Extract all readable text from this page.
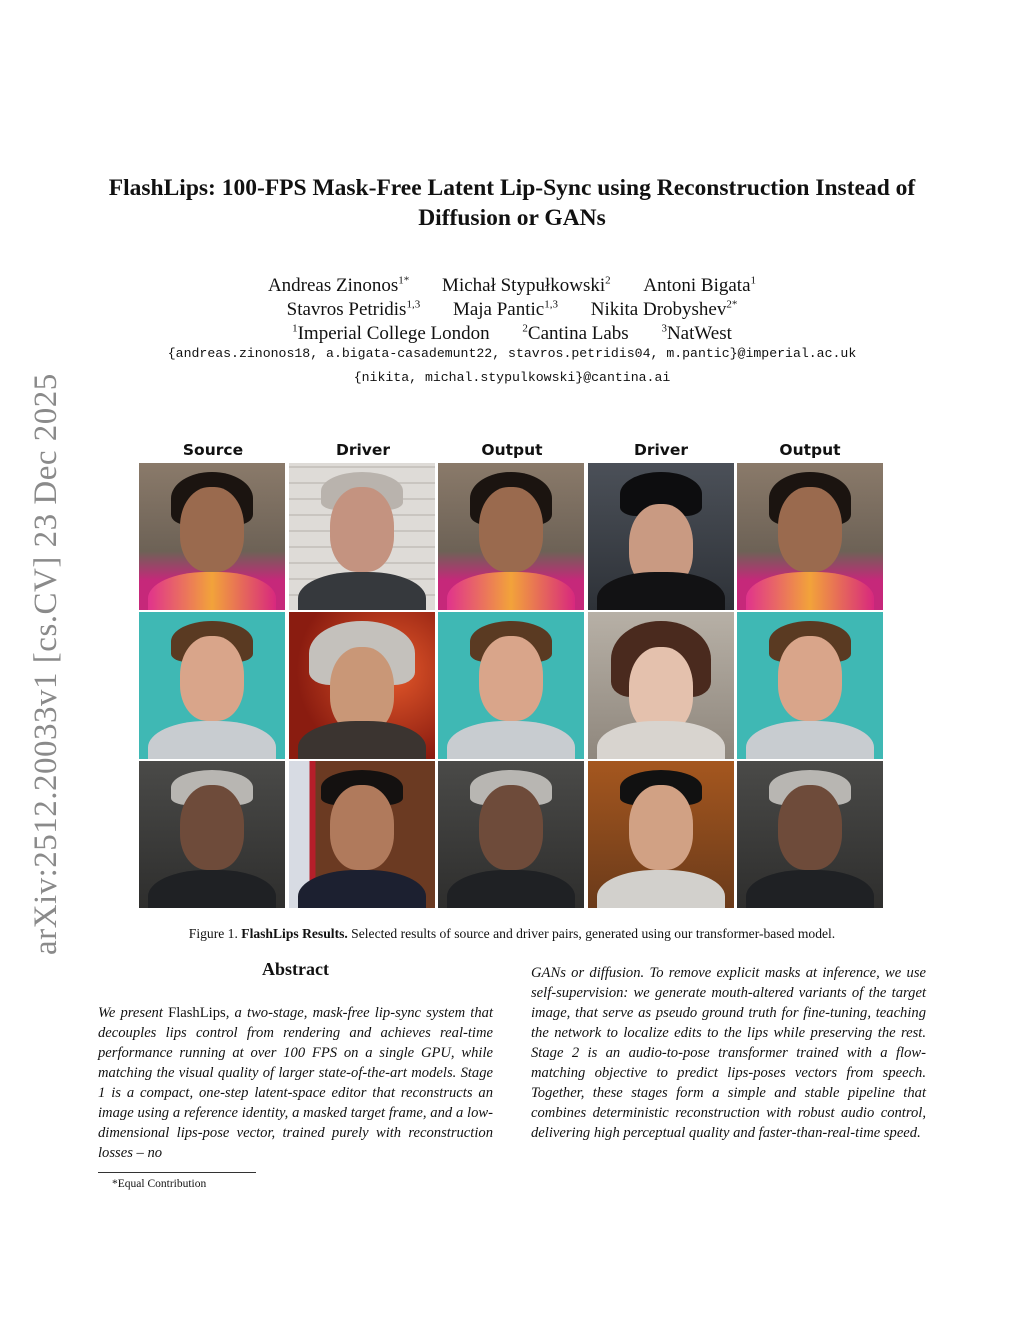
arXiv:2512.20033v1 [cs.CV] 23 Dec 2025
FlashLips: 100-FPS Mask-Free Latent Lip-Sync using Reconstruction Instead of
Diffusion or GANs
Andreas Zinonos$^{1*}$ Michał Stypułkowski$^2$ Antoni Bigata$^1$
Stavros Petridis$^{1,3}$ Maja Pantic$^{1,3}$ Nikita Drobyshev$^{2*}$
$^1$Imperial College London	$^2$Cantina Labs	$^3$NatWest
{andreas.zinonos18, a.bigata-casademunt22, stavros.petridis04, m.pantic}@imperial.ac.uk
{nikita, michal.stypulkowski}@cantina.ai
Source	Driver	Output	Driver	Output
Figure 1. FlashLips Results. Selected results of source and driver pairs, generated using our transformer-based model.
Abstract
We present FlashLips, a two-stage, mask-free lip-sync system that decouples lips control from rendering and achieves real-time performance running at over 100 FPS on a single GPU, while matching the visual quality of larger state-of-the-art models. Stage 1 is a compact, one-step latent-space editor that reconstructs an image using a reference identity, a masked target frame, and a low-dimensional lips-pose vector, trained purely with reconstruction losses – no
GANs or diffusion. To remove explicit masks at inference, we use self-supervision: we generate mouth-altered variants of the target image, that serve as pseudo ground truth for fine-tuning, teaching the network to localize edits to the lips while preserving the rest. Stage 2 is an audio-to-pose transformer trained with a flow-matching objective to predict lips-poses vectors from speech. Together, these stages form a simple and stable pipeline that combines deterministic reconstruction with robust audio control, delivering high perceptual quality and faster-than-real-time speed.
*Equal Contribution
